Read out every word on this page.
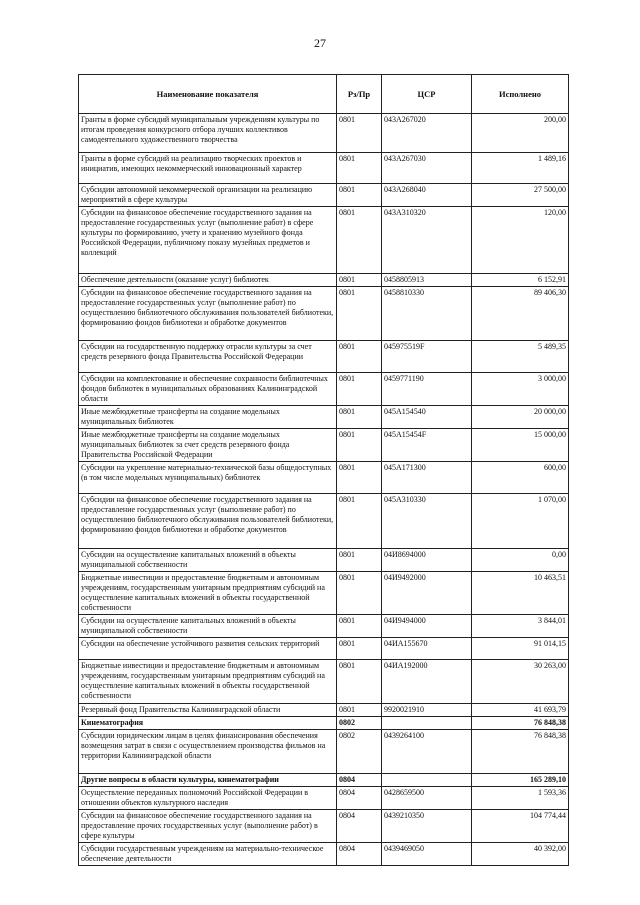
27
Наименование показателя	Рз/Пр	ЦСР	Исполнено
Гранты в форме субсидий муниципальным учреждениям культуры по итогам проведения конкурсного отбора лучших коллективов самодеятельного художественного творчества	0801	043А267020	200,00
Гранты в форме субсидий на реализацию творческих проектов и инициатив, имеющих некоммерческий инновационный характер	0801	043А267030	1 489,16
Субсидии автономной некоммерческой организации на реализацию мероприятий в сфере культуры	0801	043А268040	27 500,00
Субсидии на финансовое обеспечение государственного задания на предоставление государственных услуг (выполнение работ) в сфере культуры по формированию, учету и хранению музейного фонда Российской Федерации, публичному показу музейных предметов и коллекций	0801	043А310320	120,00
Обеспечение деятельности (оказание услуг) библиотек	0801	0458805913	6 152,91
Субсидии на финансовое обеспечение государственного задания на предоставление государственных услуг (выполнение работ) по осуществлению библиотечного обслуживания пользователей библиотеки, формированию фондов библиотеки и обработке документов	0801	0458810330	89 406,30
Субсидии на государственную поддержку отрасли культуры за счет средств резервного фонда Правительства Российской Федерации	0801	045975519F	5 489,35
Субсидии на комплектование и обеспечение сохранности библиотечных фондов библиотек в муниципальных образованиях Калининградской области	0801	0459771190	3 000,00
Иные межбюджетные трансферты на создание модельных муниципальных библиотек	0801	045А154540	20 000,00
Иные межбюджетные трансферты на создание модельных муниципальных библиотек за счет средств резервного фонда Правительства Российской Федерации	0801	045А15454F	15 000,00
Субсидии на укрепление материально-технической базы общедоступных (в том числе модельных муниципальных) библиотек	0801	045А171300	600,00
Субсидии на финансовое обеспечение государственного задания на предоставление государственных услуг (выполнение работ) по осуществлению библиотечного обслуживания пользователей библиотеки, формированию фондов библиотеки и обработке документов	0801	045А310330	1 070,00
Субсидии на осуществление капитальных вложений в объекты муниципальной собственности	0801	04И8694000	0,00
Бюджетные инвестиции и предоставление бюджетным и автономным учреждениям, государственным унитарным предприятиям субсидий на осуществление капитальных вложений в объекты государственной собственности	0801	04И9492000	10 463,51
Субсидии на осуществление капитальных вложений в объекты муниципальной собственности	0801	04И9494000	3 844,01
Субсидии на обеспечение устойчивого развития сельских территорий	0801	04ИА155670	91 014,15
Бюджетные инвестиции и предоставление бюджетным и автономным учреждениям, государственным унитарным предприятиям субсидий на осуществление капитальных вложений в объекты государственной собственности	0801	04ИА192000	30 263,00
Резервный фонд Правительства Калининградской области	0801	9920021910	41 693,79
Кинематография	0802		76 848,38
Субсидии юридическим лицам в целях финансирования обеспечения возмещения затрат в связи с осуществлением производства фильмов на территории Калининградской области	0802	0439264100	76 848,38
Другие вопросы в области культуры, кинематографии	0804		165 289,10
Осуществление переданных полномочий Российской Федерации в отношении объектов культурного наследия	0804	0428659500	1 593,36
Субсидии на финансовое обеспечение государственного задания на предоставление прочих государственных услуг (выполнение работ) в сфере культуры	0804	0439210350	104 774,44
Субсидии государственным учреждениям на материально-техническое обеспечение деятельности	0804	0439469050	40 392,00
